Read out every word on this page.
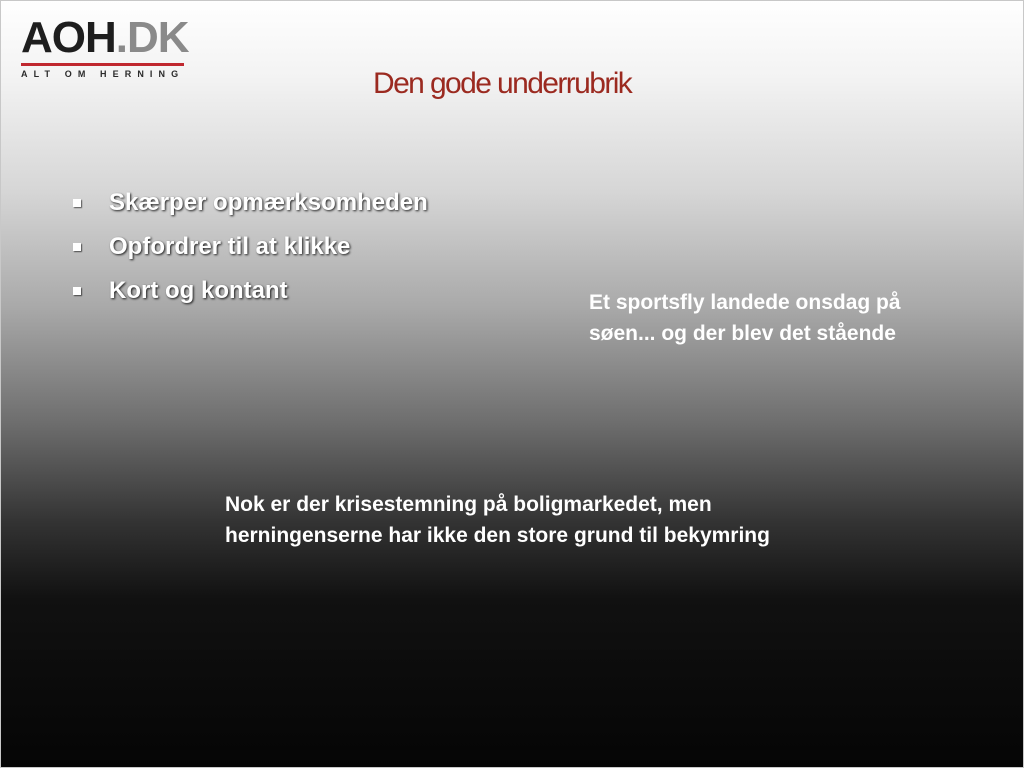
AOH.DK
ALT OM HERNING	Den gode underrubrik
Skærper opmærksomheden
Opfordrer til at klikke
Kort og kontant	Et sportsfly landede onsdag på søen... og der blev det stående

Nok er der krisestemning på boligmarkedet, men herningenserne har ikke den store grund til bekymring
